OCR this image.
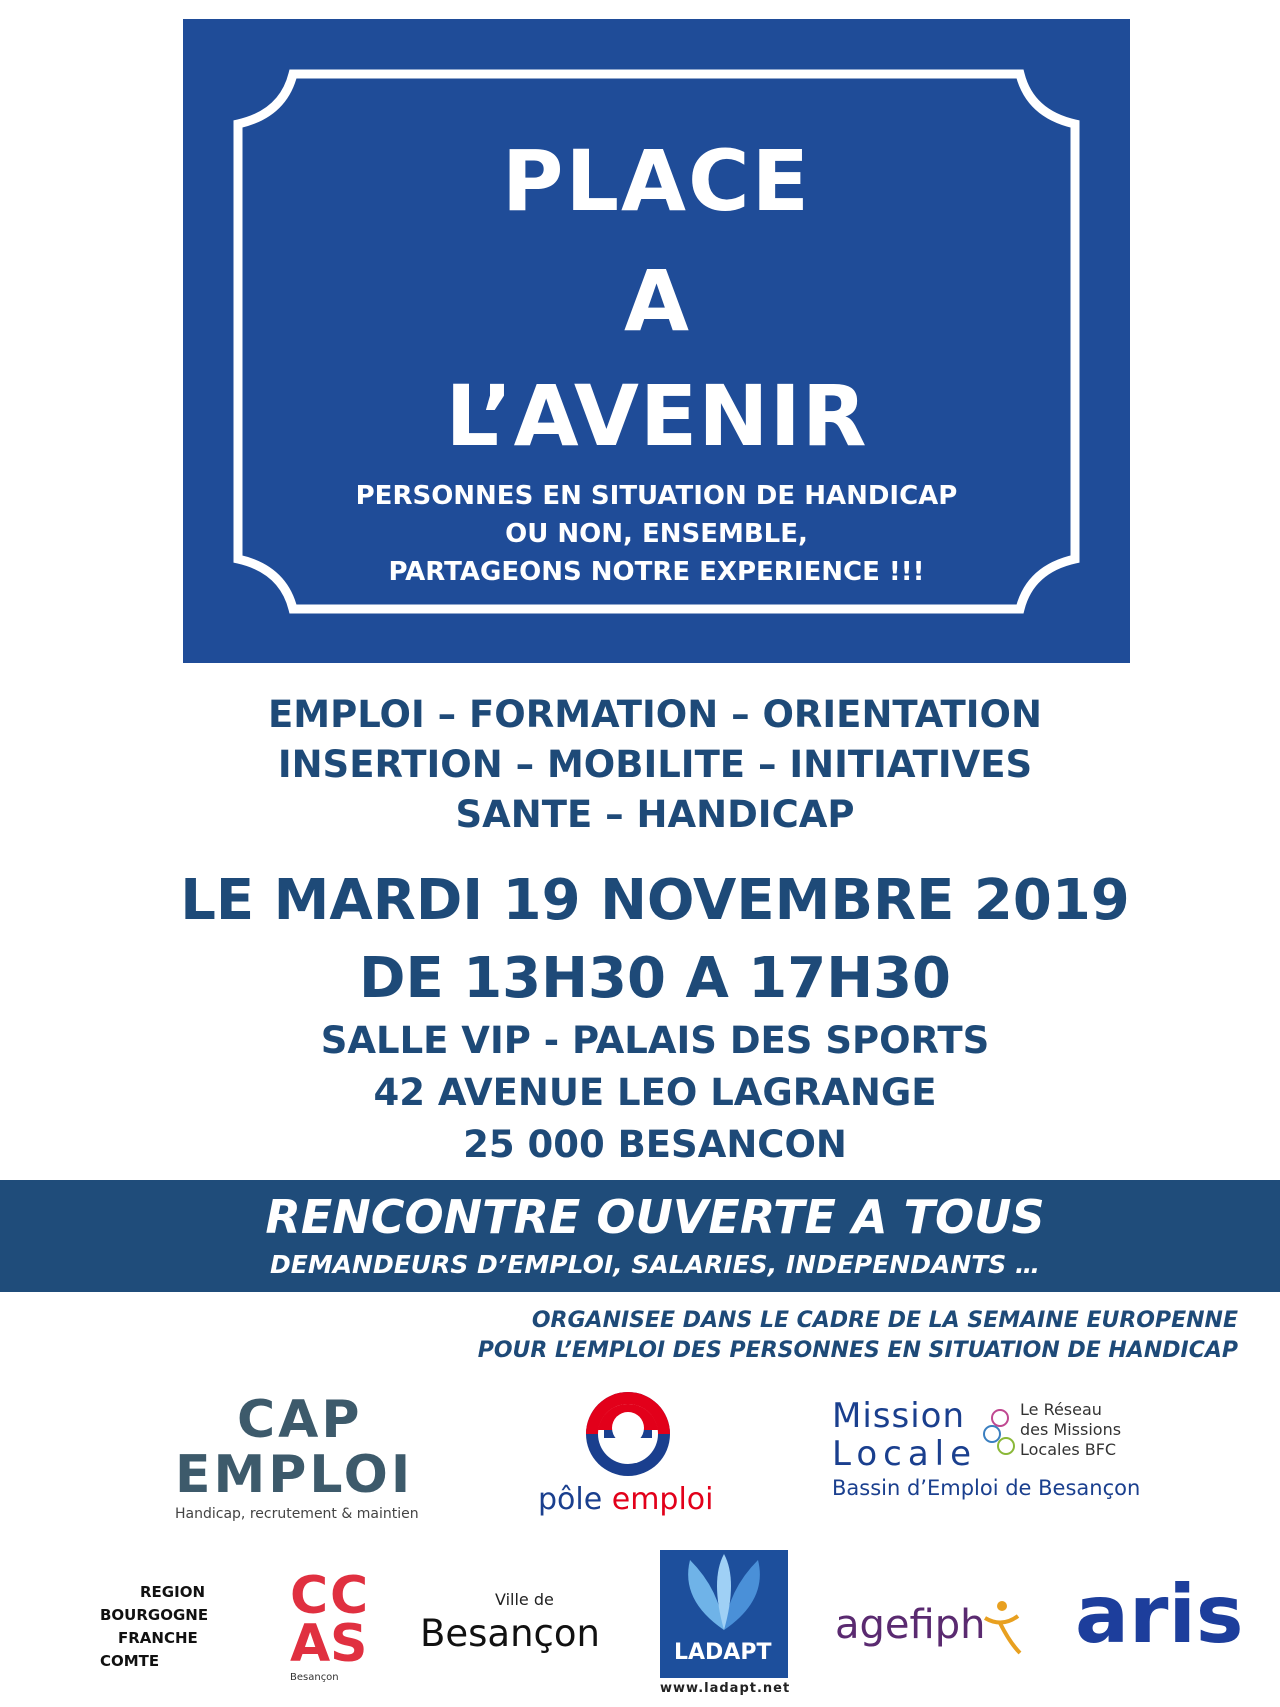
PLACE
A
L’AVENIR
PERSONNES EN SITUATION DE HANDICAP
OU NON, ENSEMBLE,
PARTAGEONS NOTRE EXPERIENCE !!!
EMPLOI – FORMATION – ORIENTATION
INSERTION – MOBILITE – INITIATIVES
SANTE – HANDICAP
LE MARDI 19 NOVEMBRE 2019
DE 13H30 A 17H30
SALLE VIP - PALAIS DES SPORTS
42 AVENUE LEO LAGRANGE
25 000 BESANCON
RENCONTRE OUVERTE A TOUS
DEMANDEURS D’EMPLOI, SALARIES, INDEPENDANTS …
ORGANISEE DANS LE CADRE DE LA SEMAINE EUROPENNE
POUR L’EMPLOI DES PERSONNES EN SITUATION DE HANDICAP
CAP
EMPLOI
Handicap, recrutement & maintien	pôle emploi
Mission
Locale
Le Réseau
des Missions
Locales BFC
Bassin d’Emploi de Besançon
REGION
BOURGOGNE
FRANCHE
COMTE
C C
A S
Besançon
Ville de
Besançon	LADAPT
www.ladapt.net
agefiph aris
